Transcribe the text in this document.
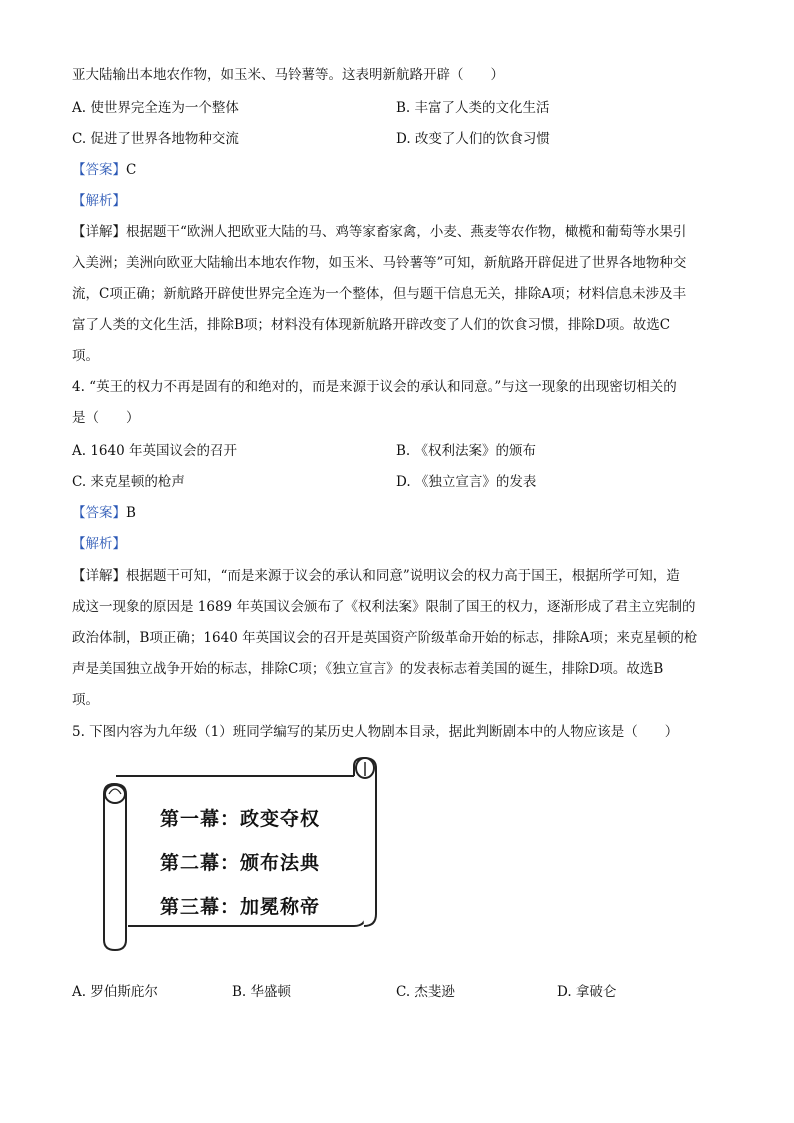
亚大陆输出本地农作物，如玉米、马铃薯等。这表明新航路开辟（　　）
A. 使世界完全连为一个整体	B. 丰富了人类的文化生活
C. 促进了世界各地物种交流	D. 改变了人们的饮食习惯
【答案】C
【解析】
【详解】根据题干“欧洲人把欧亚大陆的马、鸡等家畜家禽，小麦、燕麦等农作物，橄榄和葡萄等水果引
入美洲；美洲向欧亚大陆输出本地农作物，如玉米、马铃薯等”可知，新航路开辟促进了世界各地物种交
流，C项正确；新航路开辟使世界完全连为一个整体，但与题干信息无关，排除A项；材料信息未涉及丰
富了人类的文化生活，排除B项；材料没有体现新航路开辟改变了人们的饮食习惯，排除D项。故选C
项。
4. “英王的权力不再是固有的和绝对的，而是来源于议会的承认和同意。”与这一现象的出现密切相关的
是（　　）
A. 1640 年英国议会的召开	B. 《权利法案》的颁布
C. 来克星顿的枪声	D. 《独立宣言》的发表
【答案】B
【解析】
【详解】根据题干可知，“而是来源于议会的承认和同意”说明议会的权力高于国王，根据所学可知，造
成这一现象的原因是 1689 年英国议会颁布了《权利法案》限制了国王的权力，逐渐形成了君主立宪制的
政治体制，B项正确；1640 年英国议会的召开是英国资产阶级革命开始的标志，排除A项；来克星顿的枪
声是美国独立战争开始的标志，排除C项；《独立宣言》的发表标志着美国的诞生，排除D项。故选B
项。
5. 下图内容为九年级（1）班同学编写的某历史人物剧本目录，据此判断剧本中的人物应该是（　　）
第一幕：政变夺权
第二幕：颁布法典
第三幕：加冕称帝
A. 罗伯斯庇尔	B. 华盛顿	C. 杰斐逊	D. 拿破仑
